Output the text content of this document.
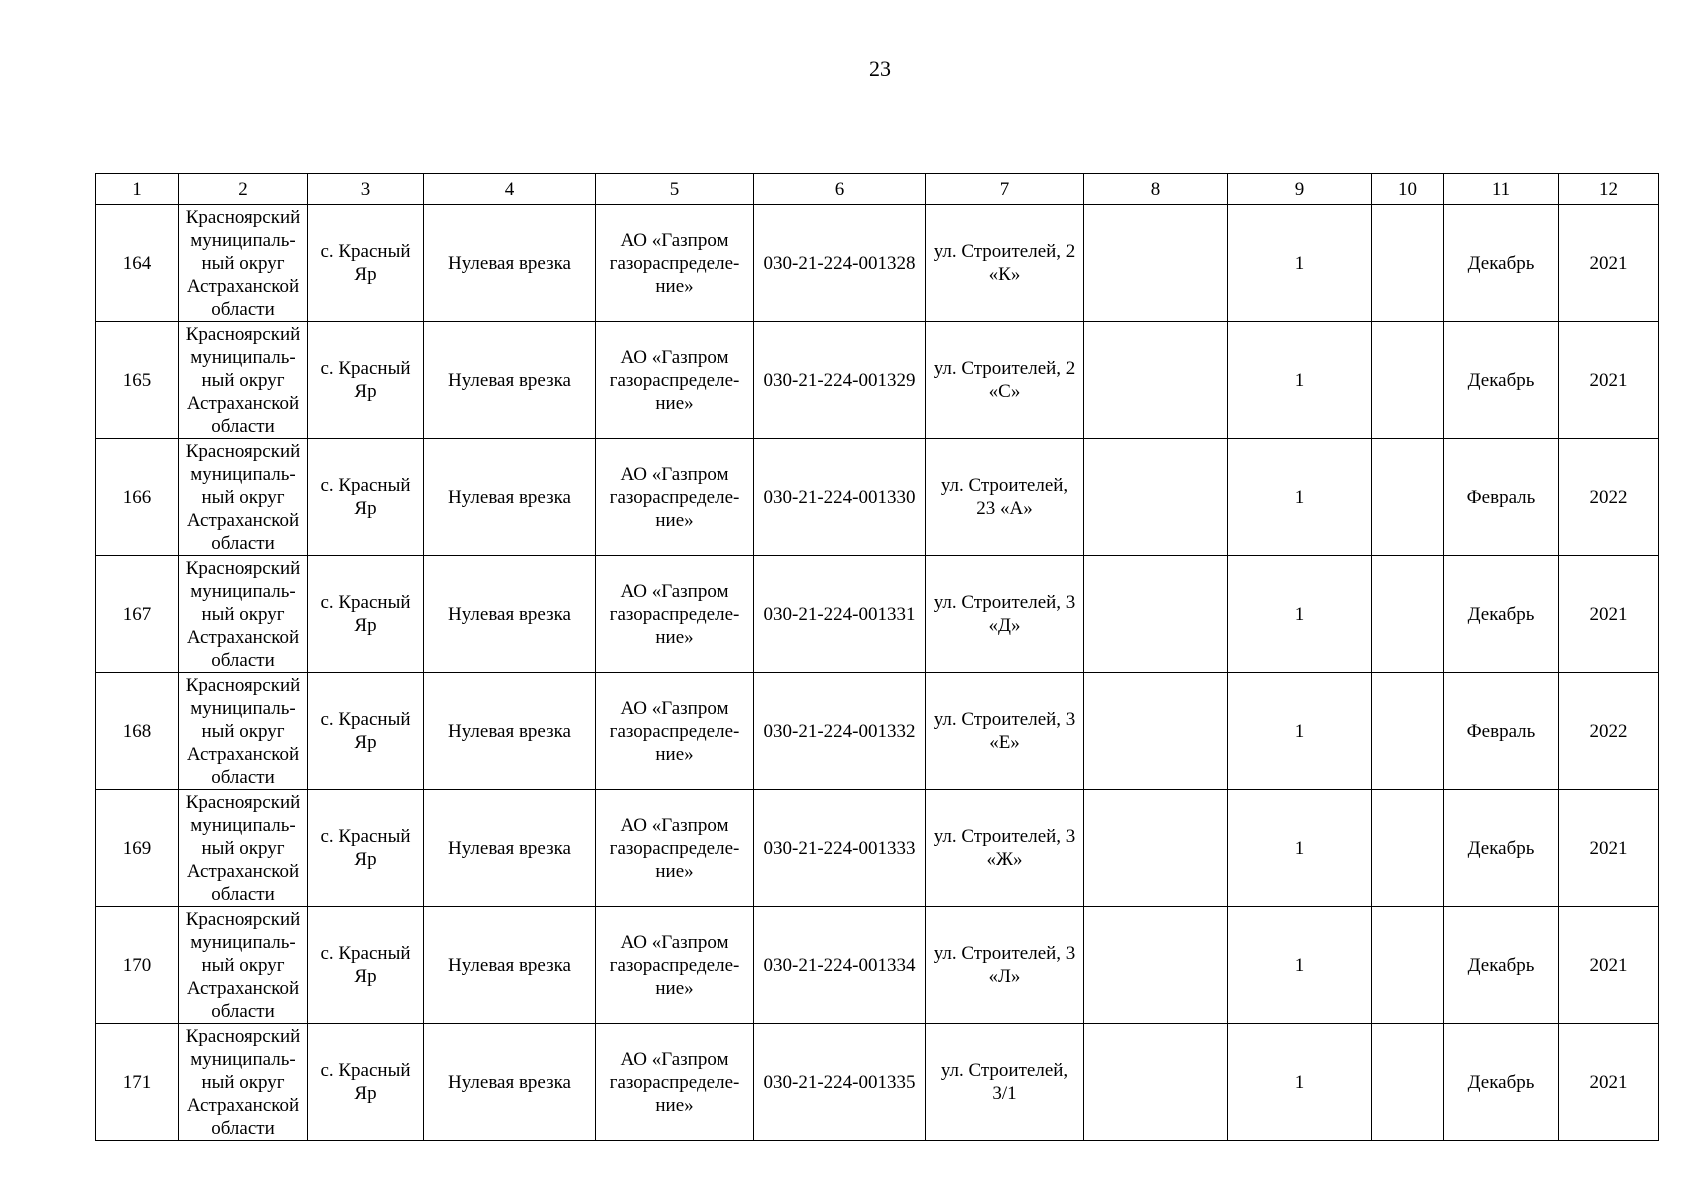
23
1	2	3	4	5	6	7	8	9	10	11	12
164	Красноярский
муниципаль-
ный округ
Астраханской
области	с. Красный
Яр	Нулевая врезка	АО «Газпром
газораспределе-
ние»	030-21-224-001328	ул. Строителей, 2
«К»		1		Декабрь	2021
165	Красноярский
муниципаль-
ный округ
Астраханской
области	с. Красный
Яр	Нулевая врезка	АО «Газпром
газораспределе-
ние»	030-21-224-001329	ул. Строителей, 2
«С»		1		Декабрь	2021
166	Красноярский
муниципаль-
ный округ
Астраханской
области	с. Красный
Яр	Нулевая врезка	АО «Газпром
газораспределе-
ние»	030-21-224-001330	ул. Строителей,
23 «А»		1		Февраль	2022
167	Красноярский
муниципаль-
ный округ
Астраханской
области	с. Красный
Яр	Нулевая врезка	АО «Газпром
газораспределе-
ние»	030-21-224-001331	ул. Строителей, 3
«Д»		1		Декабрь	2021
168	Красноярский
муниципаль-
ный округ
Астраханской
области	с. Красный
Яр	Нулевая врезка	АО «Газпром
газораспределе-
ние»	030-21-224-001332	ул. Строителей, 3
«Е»		1		Февраль	2022
169	Красноярский
муниципаль-
ный округ
Астраханской
области	с. Красный
Яр	Нулевая врезка	АО «Газпром
газораспределе-
ние»	030-21-224-001333	ул. Строителей, 3
«Ж»		1		Декабрь	2021
170	Красноярский
муниципаль-
ный округ
Астраханской
области	с. Красный
Яр	Нулевая врезка	АО «Газпром
газораспределе-
ние»	030-21-224-001334	ул. Строителей, 3
«Л»		1		Декабрь	2021
171	Красноярский
муниципаль-
ный округ
Астраханской
области	с. Красный
Яр	Нулевая врезка	АО «Газпром
газораспределе-
ние»	030-21-224-001335	ул. Строителей,
3/1		1		Декабрь	2021
